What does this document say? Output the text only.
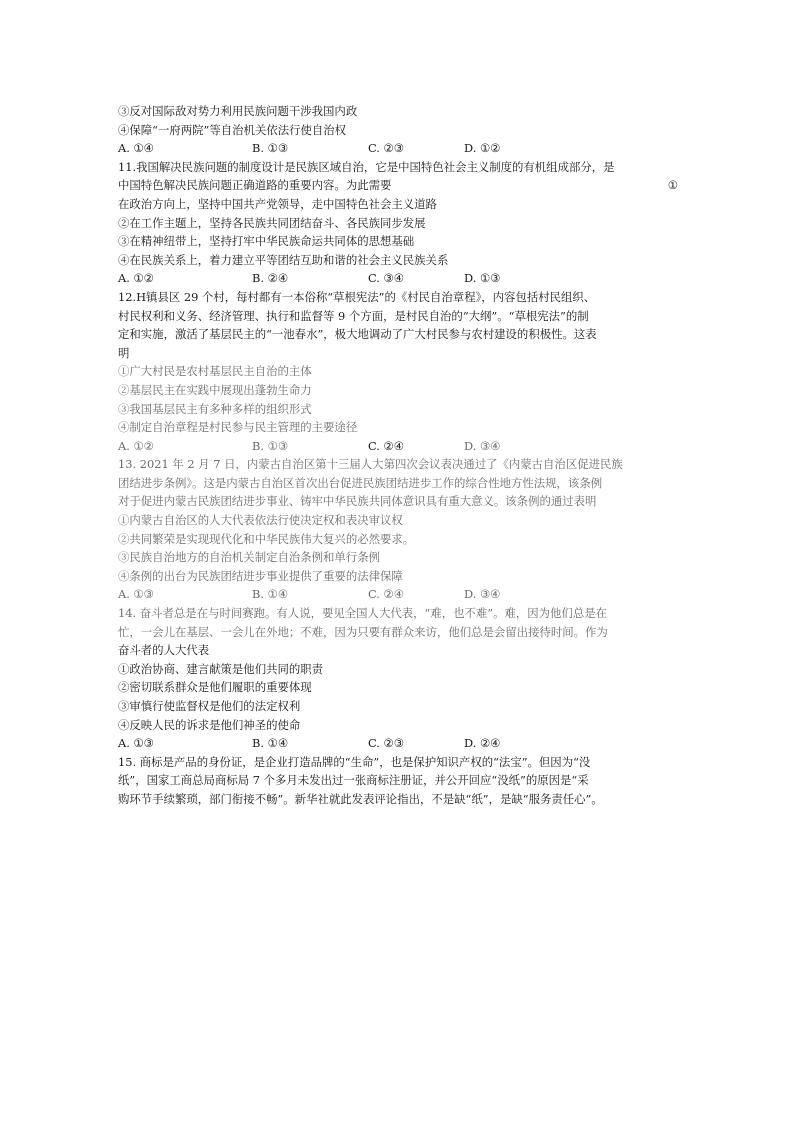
③反对国际敌对势力利用民族问题干涉我国内政
④保障“一府两院”等自治机关依法行使自治权
A. ①④	B. ①③	C. ②③	D. ①②
11.我国解决民族问题的制度设计是民族区域自治，它是中国特色社会主义制度的有机组成部分，是
中国特色解决民族问题正确道路的重要内容。为此需要	①
在政治方向上，坚持中国共产党领导，走中国特色社会主义道路
②在工作主题上，坚持各民族共同团结奋斗、各民族同步发展
③在精神纽带上，坚持打牢中华民族命运共同体的思想基础
④在民族关系上，着力建立平等团结互助和谐的社会主义民族关系
A. ①②	B. ②④	C. ③④	D. ①③
12.H镇县区 29 个村，每村都有一本俗称“草根宪法”的《村民自治章程》，内容包括村民组织、
村民权利和义务、经济管理、执行和监督等 9 个方面，是村民自治的“大纲”。“草根宪法”的制
定和实施，激活了基层民主的“一池春水”，极大地调动了广大村民参与农村建设的积极性。这表
明
①广大村民是农村基层民主自治的主体
②基层民主在实践中展现出蓬勃生命力
③我国基层民主有多种多样的组织形式
④制定自治章程是村民参与民主管理的主要途径
A. ①②	B. ①③	C. ②④	D. ③④
13. 2021 年 2 月 7 日，内蒙古自治区第十三届人大第四次会议表决通过了《内蒙古自治区促进民族
团结进步条例》。这是内蒙古自治区首次出台促进民族团结进步工作的综合性地方性法规，该条例
对于促进内蒙古民族团结进步事业、铸牢中华民族共同体意识具有重大意义。该条例的通过表明
①内蒙古自治区的人大代表依法行使决定权和表决审议权
②共同繁荣是实现现代化和中华民族伟大复兴的必然要求。
③民族自治地方的自治机关制定自治条例和单行条例
④条例的出台为民族团结进步事业提供了重要的法律保障
A. ①③	B. ①④	C. ②④	D. ③④
14. 奋斗者总是在与时间赛跑。有人说，要见全国人大代表，“难，也不难”。难，因为他们总是在
忙，一会儿在基层、一会儿在外地；不难，因为只要有群众来访，他们总是会留出接待时间。作为
奋斗者的人大代表
①政治协商、建言献策是他们共同的职责
②密切联系群众是他们履职的重要体现
③审慎行使监督权是他们的法定权利
④反映人民的诉求是他们神圣的使命
A. ①③	B. ①④	C. ②③	D. ②④
15. 商标是产品的身份证，是企业打造品牌的“生命”，也是保护知识产权的“法宝”。但因为“没
纸”，国家工商总局商标局 7 个多月未发出过一张商标注册证，并公开回应“没纸”的原因是“采
购环节手续繁琐，部门衔接不畅”。新华社就此发表评论指出，不是缺“纸”，是缺“服务责任心”。
